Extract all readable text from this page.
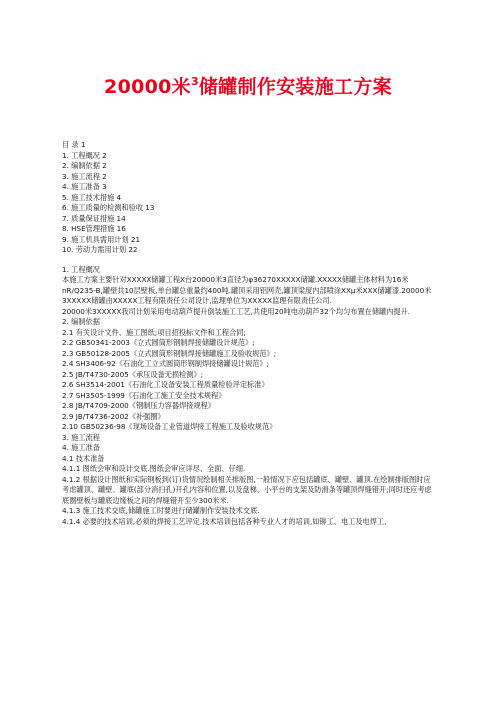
20000米$^3$储罐制作安装施工方案

目 录 1

1. 工程概况 2

2. 编制依据 2

3. 施工流程 2

4. 施工准备 3

5. 施工技术措施 4

6. 施工质量的检测和验收 13

7. 质量保证措施 14

8. HSE管理措施 16

9. 施工机具需用计划 21

10. 劳动力需用计划 22

1. 工程概况

本施工方案主要针对XXXXX储罐工程X台20000米3直径为φ36270XXXXX储罐.XXXXX储罐主体材料为16米nR/Q235-B,罐壁共10层壁板,单台罐总重量约400吨.罐顶采用铝网壳,罐顶梁度内部喷涂XXμ米XXX储罐漆.20000米3XXXXX储罐由XXXXX工程有限责任公司设计,监理单位为XXXXX监理有限责任公司.

20000米3XXXXX我司计划采用电动葫芦提升倒装施工工艺,共使用20吨电动葫芦32个均匀布置在储罐内提升.

2. 编制依据

2.1 有关设计文件、施工图纸;项目招投标文件和工程合同;

2.2 GB50341-2003《立式圆筒形钢制焊接储罐设计规范》;

2.3 GB50128-2005《立式圆筒形钢制焊接储罐施工及验收规范》;

2.4 SH3406-92《石油化工立式圆筒形钢制焊接储罐设计规范》;

2.5 JB/T4730-2005《承压设备无损检测》;

2.6 SH3514-2001《石油化工设备安装工程质量检验评定标准》

2.7 SH3505-1999《石油化工施工安全技术规程》

2.8 JB/T4709-2000《钢制压力容器焊接规程》

2.9 JB/T4736-2002《补强圈》

2.10 GB50236-98《现场设备工业管道焊接工程施工及验收规范》

3. 施工流程

4. 施工准备

4.1 技术准备

4.1.1 图纸会审和设计交底.图纸会审应详尽、全面、仔细.

4.1.2 根据设计图纸和实际钢板到(订)货情况绘制相关排版图,一般情况下应包括罐底、罐壁、罐顶.在绘制排版图时应考虑罐顶、罐壁、罐底(部分消扫孔)开孔内容和位置,以及盘梯、小平台的支架及防滑条等罐顶焊缝错开;同时还应考虑底圈壁板与罐底边缘板之间的焊缝错开至少300米米.

4.1.3 施工技术交底,储罐施工时要进行储罐制作安装技术交底.

4.1.4 必要的技术培训,必须的焊接工艺评定.技术培训包括各种专业人才的培训,如铆工、电工及电焊工,
